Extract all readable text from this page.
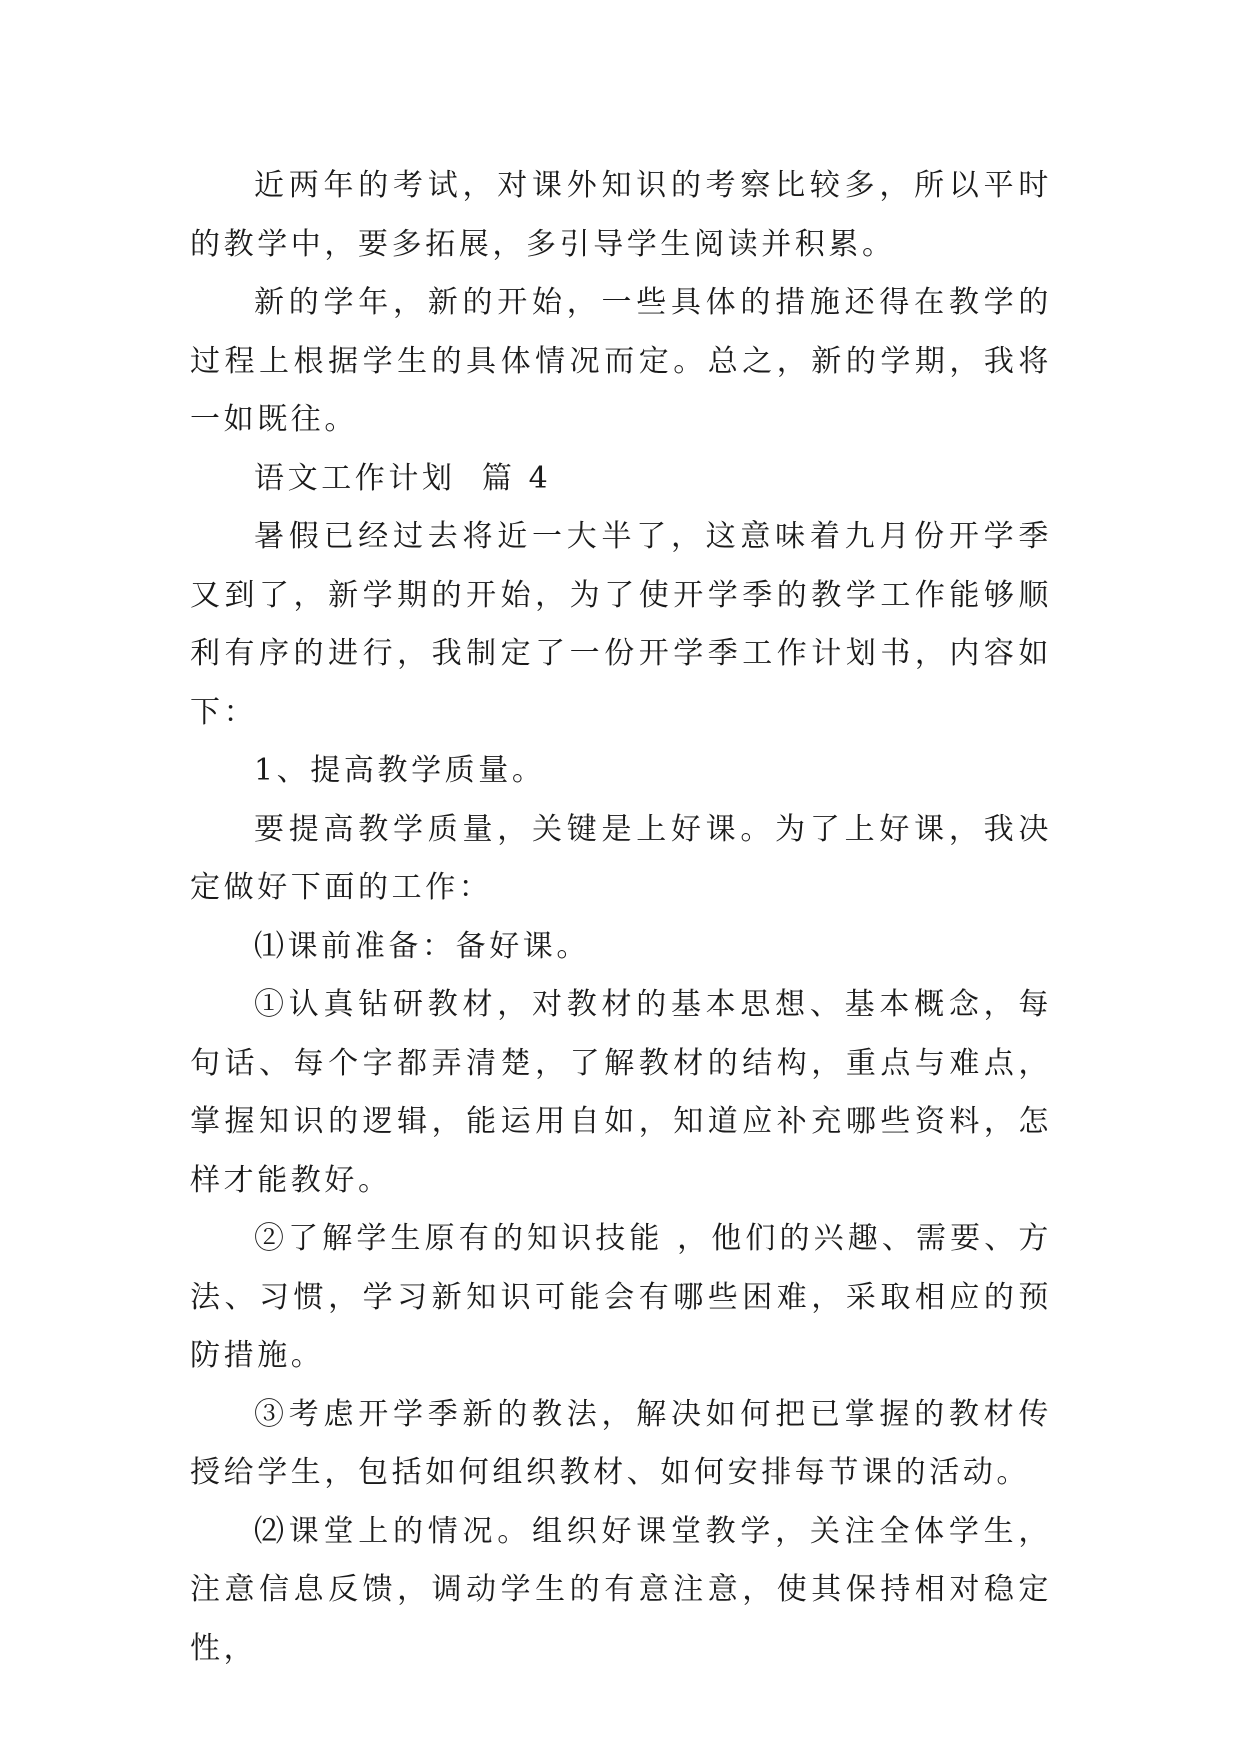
近两年的考试，对课外知识的考察比较多，所以平时的教学中，要多拓展，多引导学生阅读并积累。

新的学年，新的开始，一些具体的措施还得在教学的过程上根据学生的具体情况而定。总之，新的学期，我将一如既往。

语文工作计划  篇 4

暑假已经过去将近一大半了，这意味着九月份开学季又到了，新学期的开始，为了使开学季的教学工作能够顺利有序的进行，我制定了一份开学季工作计划书，内容如下：

1、提高教学质量。

要提高教学质量，关键是上好课。为了上好课，我决定做好下面的工作：

⑴课前准备：备好课。

①认真钻研教材，对教材的基本思想、基本概念，每句话、每个字都弄清楚，了解教材的结构，重点与难点，掌握知识的逻辑，能运用自如，知道应补充哪些资料，怎样才能教好。

②了解学生原有的知识技能 ，他们的兴趣、需要、方法、习惯，学习新知识可能会有哪些困难，采取相应的预防措施。

③考虑开学季新的教法，解决如何把已掌握的教材传授给学生，包括如何组织教材、如何安排每节课的活动。

⑵课堂上的情况。组织好课堂教学，关注全体学生，注意信息反馈，调动学生的有意注意，使其保持相对稳定性，
